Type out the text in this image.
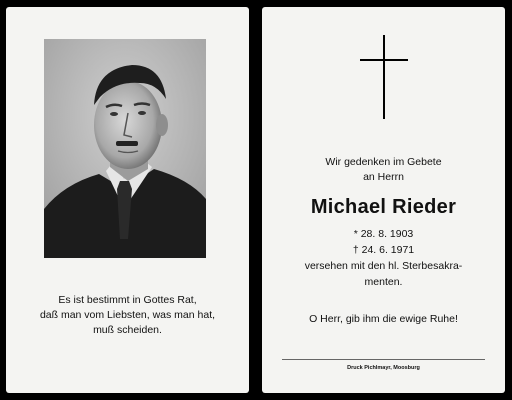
Es ist bestimmt in Gottes Rat,
daß man vom Liebsten, was man hat,
muß scheiden.
Wir gedenken im Gebete
an Herrn
Michael Rieder
* 28. 8. 1903
† 24. 6. 1971
versehen mit den hl. Sterbesakra-
menten.
O Herr, gib ihm die ewige Ruhe!
Druck Pichlmayr, Moosburg
